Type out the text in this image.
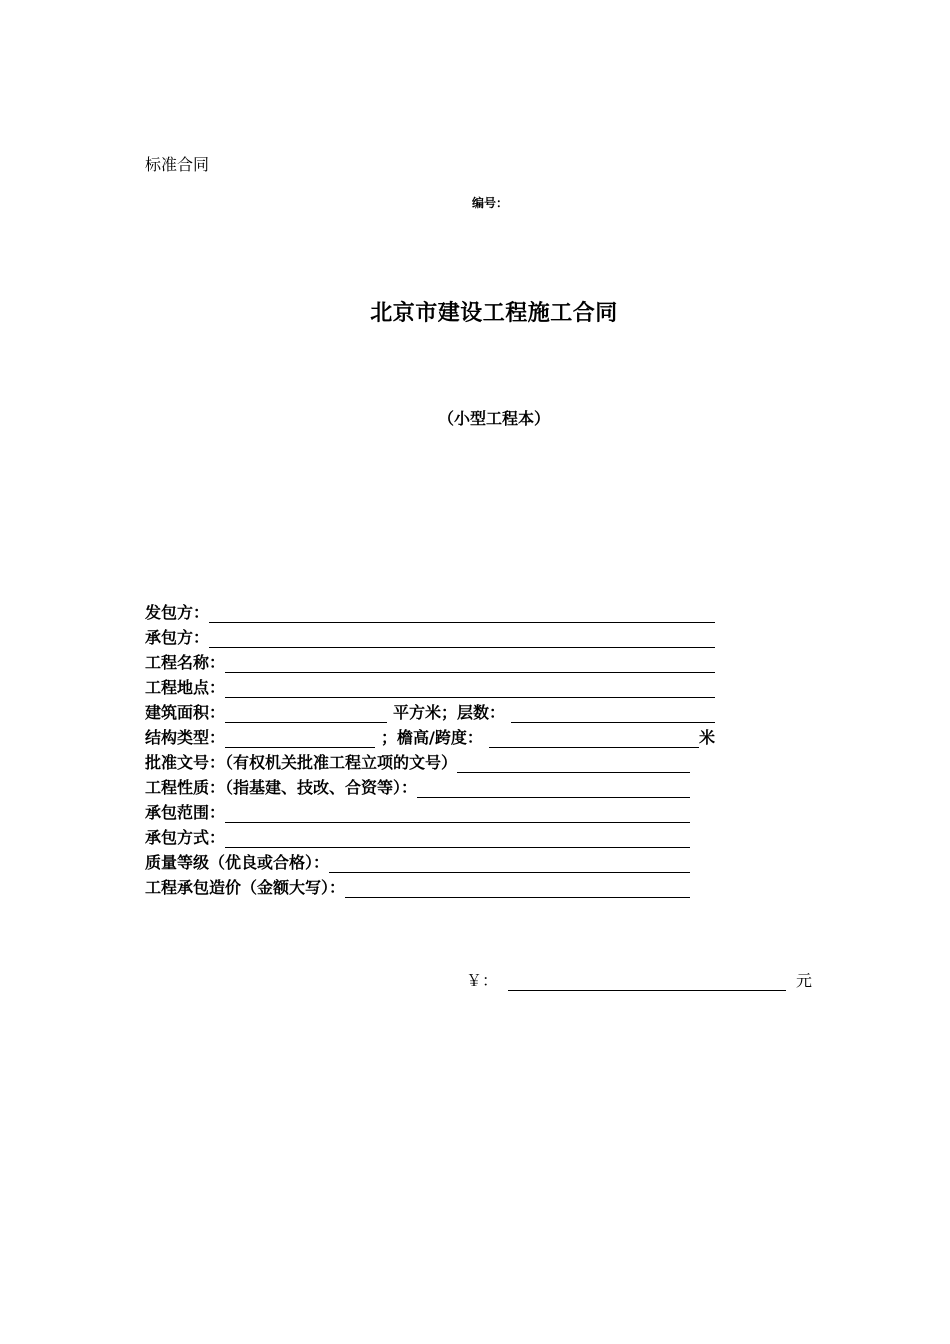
标准合同
编号：
北京市建设工程施工合同
（小型工程本）
发包方：
承包方：
工程名称：
工程地点：
建筑面积：	平方米；层数：
结构类型：	；檐高/跨度：	米
批准文号：（有权机关批准工程立项的文号）
工程性质：（指基建、技改、合资等）：
承包范围：
承包方式：
质量等级（优良或合格）：
工程承包造价（金额大写）：
￥：	元
